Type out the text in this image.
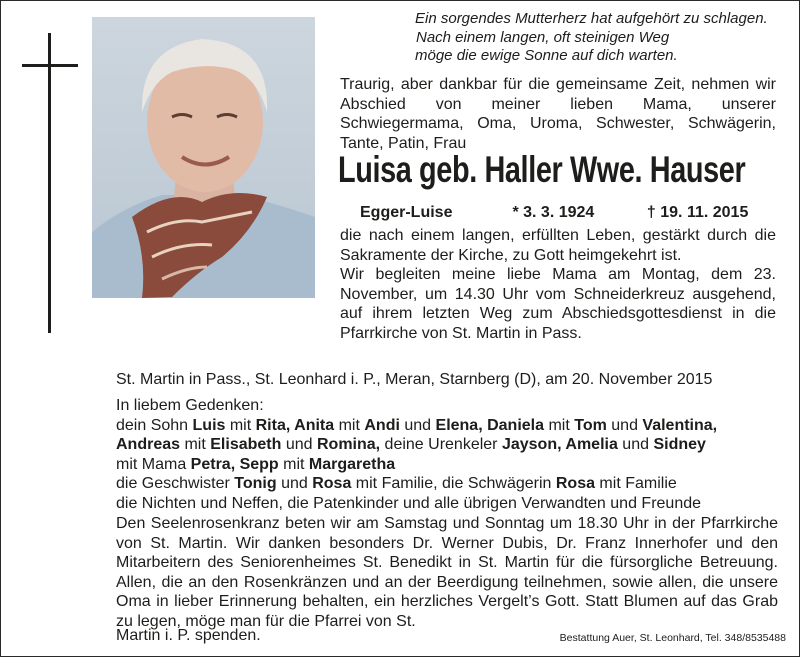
Ein sorgendes Mutterherz hat aufgehört zu schlagen.
Nach einem langen, oft steinigen Weg
möge die ewige Sonne auf dich warten.
Traurig, aber dankbar für die gemeinsame Zeit, nehmen wir Abschied von meiner lieben Mama, unserer Schwiegermama, Oma, Uroma, Schwester, Schwägerin, Tante, Patin, Frau
Luisa geb. Haller Wwe. Hauser
Egger-Luise	* 3. 3. 1924	† 19. 11. 2015
die nach einem langen, erfüllten Leben, gestärkt durch die Sakramente der Kirche, zu Gott heimgekehrt ist.
Wir begleiten meine liebe Mama am Montag, dem 23. November, um 14.30 Uhr vom Schneiderkreuz ausgehend, auf ihrem letzten Weg zum Abschiedsgottesdienst in die Pfarrkirche von St. Martin in Pass.
St. Martin in Pass., St. Leonhard i. P., Meran, Starnberg (D), am 20. November 2015
In liebem Gedenken:
dein Sohn Luis mit Rita, Anita mit Andi und Elena, Daniela mit Tom und Valentina,
Andreas mit Elisabeth und Romina, deine Urenkeler Jayson, Amelia und Sidney
mit Mama Petra, Sepp mit Margaretha
die Geschwister Tonig und Rosa mit Familie, die Schwägerin Rosa mit Familie
die Nichten und Neffen, die Patenkinder und alle übrigen Verwandten und Freunde
Den Seelenrosenkranz beten wir am Samstag und Sonntag um 18.30 Uhr in der Pfarrkirche von St. Martin. Wir danken besonders Dr. Werner Dubis, Dr. Franz Innerhofer und den Mitarbeitern des Seniorenheimes St. Benedikt in St. Martin für die fürsorgliche Betreuung. Allen, die an den Rosenkränzen und an der Beerdigung teilnehmen, sowie allen, die unsere Oma in lieber Erinnerung behalten, ein herzliches Vergelt’s Gott. Statt Blumen auf das Grab zu legen, möge man für die Pfarrei von St.
Martin i. P. spenden.	Bestattung Auer, St. Leonhard, Tel. 348/8535488
